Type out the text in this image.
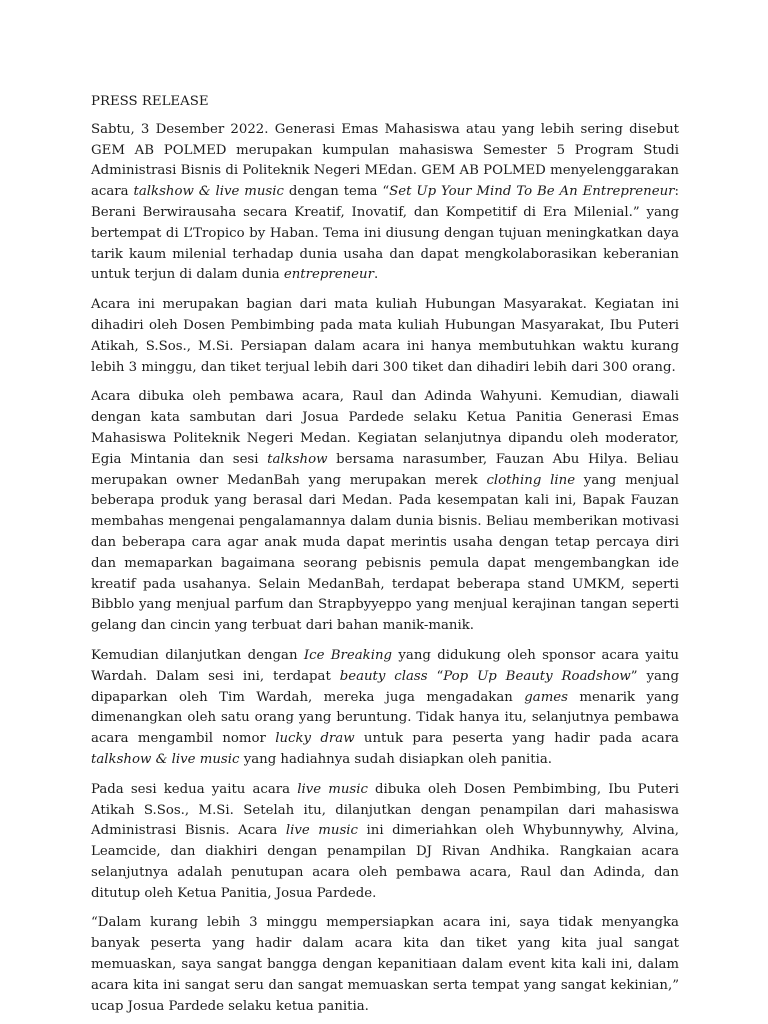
PRESS RELEASE

Sabtu, 3 Desember 2022. Generasi Emas Mahasiswa atau yang lebih sering disebut GEM AB POLMED merupakan kumpulan mahasiswa Semester 5 Program Studi Administrasi Bisnis di Politeknik Negeri MEdan. GEM AB POLMED menyelenggarakan acara talkshow & live music dengan tema “Set Up Your Mind To Be An Entrepreneur: Berani Berwirausaha secara Kreatif, Inovatif, dan Kompetitif di Era Milenial.” yang bertempat di L’Tropico by Haban. Tema ini diusung dengan tujuan meningkatkan daya tarik kaum milenial terhadap dunia usaha dan dapat mengkolaborasikan keberanian untuk terjun di dalam dunia entrepreneur.

Acara ini merupakan bagian dari mata kuliah Hubungan Masyarakat. Kegiatan ini dihadiri oleh Dosen Pembimbing pada mata kuliah Hubungan Masyarakat, Ibu Puteri Atikah, S.Sos., M.Si. Persiapan dalam acara ini hanya membutuhkan waktu kurang lebih 3 minggu, dan tiket terjual lebih dari 300 tiket dan dihadiri lebih dari 300 orang.

Acara dibuka oleh pembawa acara, Raul dan Adinda Wahyuni. Kemudian, diawali dengan kata sambutan dari Josua Pardede selaku Ketua Panitia Generasi Emas Mahasiswa Politeknik Negeri Medan. Kegiatan selanjutnya dipandu oleh moderator, Egia Mintania dan sesi talkshow bersama narasumber, Fauzan Abu Hilya. Beliau merupakan owner MedanBah yang merupakan merek clothing line yang menjual beberapa produk yang berasal dari Medan. Pada kesempatan kali ini, Bapak Fauzan membahas mengenai pengalamannya dalam dunia bisnis. Beliau memberikan motivasi dan beberapa cara agar anak muda dapat merintis usaha dengan tetap percaya diri dan memaparkan bagaimana seorang pebisnis pemula dapat mengembangkan ide kreatif pada usahanya. Selain MedanBah, terdapat beberapa stand UMKM, seperti Bibblo yang menjual parfum dan Strapbyyeppo yang menjual kerajinan tangan seperti gelang dan cincin yang terbuat dari bahan manik-manik.

Kemudian dilanjutkan dengan Ice Breaking yang didukung oleh sponsor acara yaitu Wardah. Dalam sesi ini, terdapat beauty class “Pop Up Beauty Roadshow” yang dipaparkan oleh Tim Wardah, mereka juga mengadakan games menarik yang dimenangkan oleh satu orang yang beruntung. Tidak hanya itu, selanjutnya pembawa acara mengambil nomor lucky draw untuk para peserta yang hadir pada acara talkshow & live music yang hadiahnya sudah disiapkan oleh panitia.

Pada sesi kedua yaitu acara live music dibuka oleh Dosen Pembimbing, Ibu Puteri Atikah S.Sos., M.Si. Setelah itu, dilanjutkan dengan penampilan dari mahasiswa Administrasi Bisnis. Acara live music ini dimeriahkan oleh Whybunnywhy, Alvina, Leamcide, dan diakhiri dengan penampilan DJ Rivan Andhika. Rangkaian acara selanjutnya adalah penutupan acara oleh pembawa acara, Raul dan Adinda, dan ditutup oleh Ketua Panitia, Josua Pardede.

“Dalam kurang lebih 3 minggu mempersiapkan acara ini, saya tidak menyangka banyak peserta yang hadir dalam acara kita dan tiket yang kita jual sangat memuaskan, saya sangat bangga dengan kepanitiaan dalam event kita kali ini, dalam acara kita ini sangat seru dan sangat memuaskan serta tempat yang sangat kekinian,” ucap Josua Pardede selaku ketua panitia.
